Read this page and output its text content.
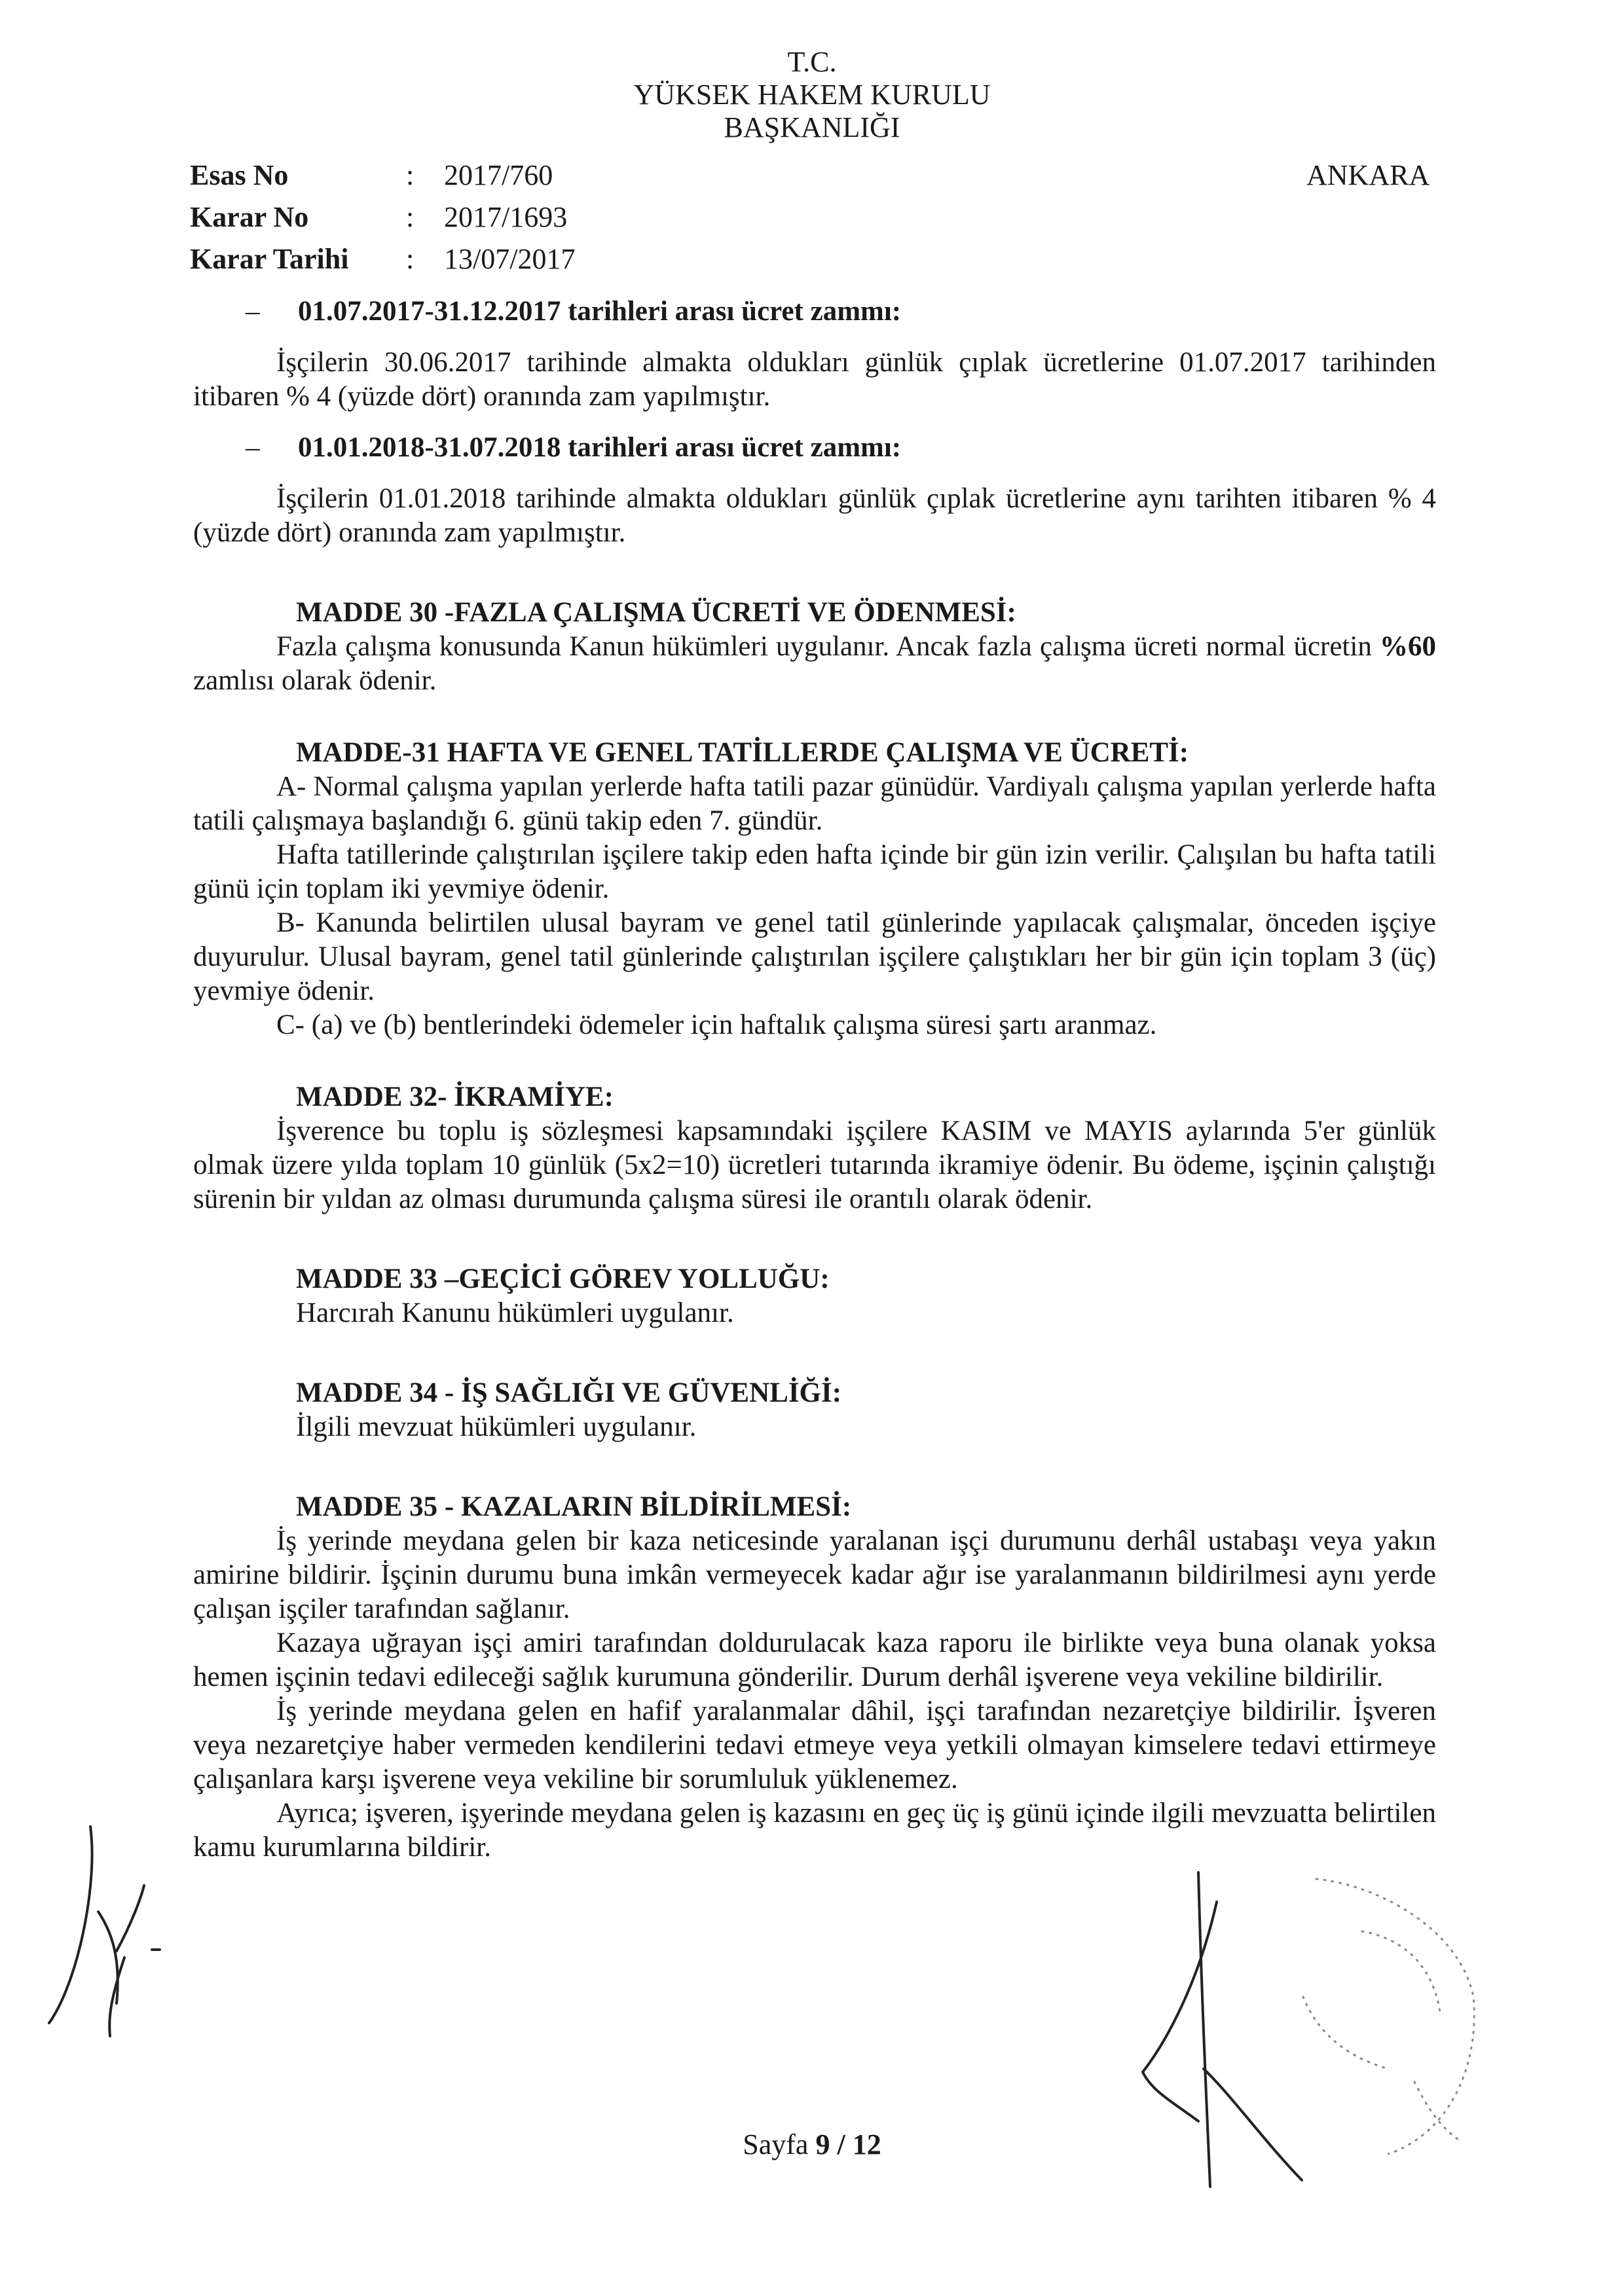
T.C.
YÜKSEK HAKEM KURULU
BAŞKANLIĞI
Esas No	:	2017/760
Karar No	:	2017/1693
Karar Tarihi	:	13/07/2017
ANKARA
– 01.07.2017-31.12.2017 tarihleri arası ücret zammı:

İşçilerin 30.06.2017 tarihinde almakta oldukları günlük çıplak ücretlerine 01.07.2017 tarihinden itibaren % 4 (yüzde dört) oranında zam yapılmıştır.

– 01.01.2018-31.07.2018 tarihleri arası ücret zammı:

İşçilerin 01.01.2018 tarihinde almakta oldukları günlük çıplak ücretlerine aynı tarihten itibaren % 4 (yüzde dört) oranında zam yapılmıştır.

MADDE 30 -FAZLA ÇALIŞMA ÜCRETİ VE ÖDENMESİ:

Fazla çalışma konusunda Kanun hükümleri uygulanır. Ancak fazla çalışma ücreti normal ücretin %60 zamlısı olarak ödenir.

MADDE-31 HAFTA VE GENEL TATİLLERDE ÇALIŞMA VE ÜCRETİ:

A- Normal çalışma yapılan yerlerde hafta tatili pazar günüdür. Vardiyalı çalışma yapılan yerlerde hafta tatili çalışmaya başlandığı 6. günü takip eden 7. gündür.

Hafta tatillerinde çalıştırılan işçilere takip eden hafta içinde bir gün izin verilir. Çalışılan bu hafta tatili günü için toplam iki yevmiye ödenir.

B- Kanunda belirtilen ulusal bayram ve genel tatil günlerinde yapılacak çalışmalar, önceden işçiye duyurulur. Ulusal bayram, genel tatil günlerinde çalıştırılan işçilere çalıştıkları her bir gün için toplam 3 (üç) yevmiye ödenir.

C- (a) ve (b) bentlerindeki ödemeler için haftalık çalışma süresi şartı aranmaz.

MADDE 32- İKRAMİYE:

İşverence bu toplu iş sözleşmesi kapsamındaki işçilere KASIM ve MAYIS aylarında 5'er günlük olmak üzere yılda toplam 10 günlük (5x2=10) ücretleri tutarında ikramiye ödenir. Bu ödeme, işçinin çalıştığı sürenin bir yıldan az olması durumunda çalışma süresi ile orantılı olarak ödenir.

MADDE 33 –GEÇİCİ GÖREV YOLLUĞU:

Harcırah Kanunu hükümleri uygulanır.

MADDE 34 - İŞ SAĞLIĞI VE GÜVENLİĞİ:

İlgili mevzuat hükümleri uygulanır.

MADDE 35 - KAZALARIN BİLDİRİLMESİ:

İş yerinde meydana gelen bir kaza neticesinde yaralanan işçi durumunu derhâl ustabaşı veya yakın amirine bildirir. İşçinin durumu buna imkân vermeyecek kadar ağır ise yaralanmanın bildirilmesi aynı yerde çalışan işçiler tarafından sağlanır.

Kazaya uğrayan işçi amiri tarafından doldurulacak kaza raporu ile birlikte veya buna olanak yoksa hemen işçinin tedavi edileceği sağlık kurumuna gönderilir. Durum derhâl işverene veya vekiline bildirilir.

İş yerinde meydana gelen en hafif yaralanmalar dâhil, işçi tarafından nezaretçiye bildirilir. İşveren veya nezaretçiye haber vermeden kendilerini tedavi etmeye veya yetkili olmayan kimselere tedavi ettirmeye çalışanlara karşı işverene veya vekiline bir sorumluluk yüklenemez.

Ayrıca; işveren, işyerinde meydana gelen iş kazasını en geç üç iş günü içinde ilgili mevzuatta belirtilen kamu kurumlarına bildirir.

Sayfa 9 / 12
